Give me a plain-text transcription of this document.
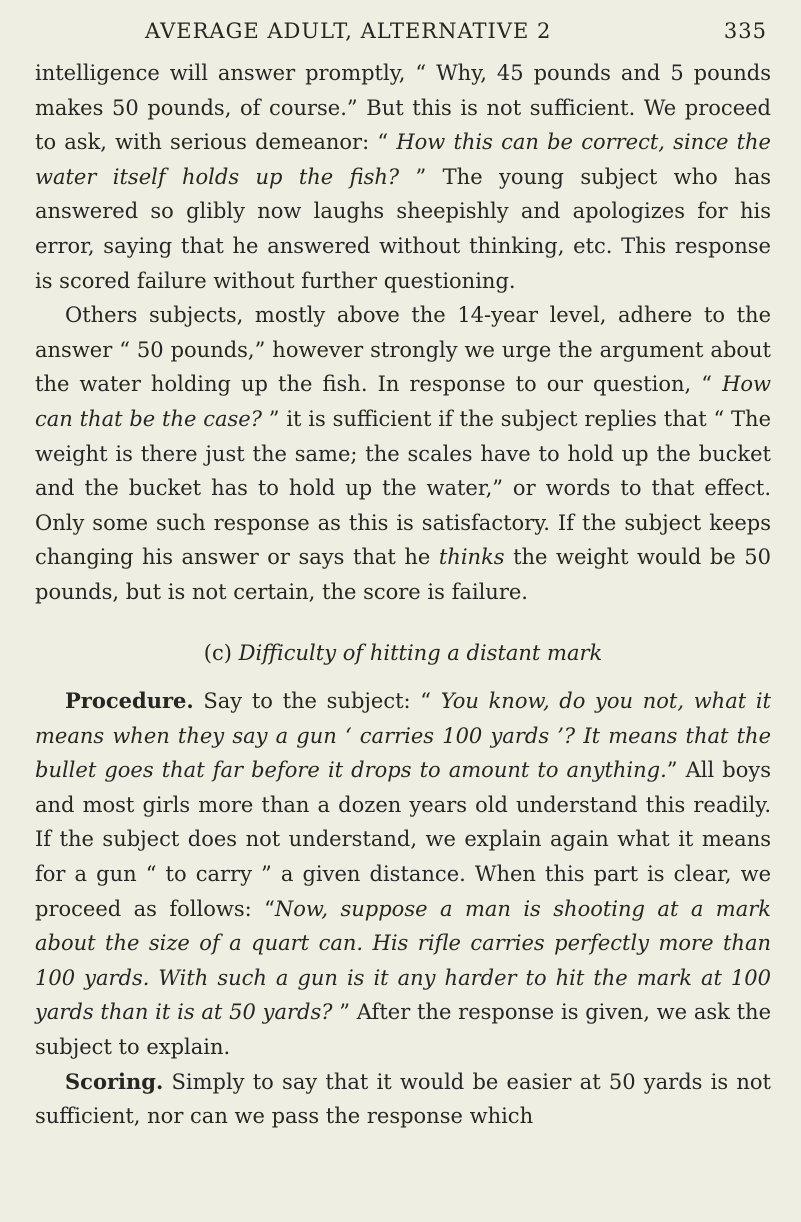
AVERAGE ADULT, ALTERNATIVE 2	335

intelligence will answer promptly, “ Why, 45 pounds and 5 pounds makes 50 pounds, of course.” But this is not sufficient. We proceed to ask, with serious demeanor: “ How this can be correct, since the water itself holds up the fish? ” The young subject who has answered so glibly now laughs sheepishly and apologizes for his error, saying that he answered without thinking, etc. This response is scored failure without further questioning.

Others subjects, mostly above the 14-year level, adhere to the answer “ 50 pounds,” however strongly we urge the argument about the water holding up the fish. In response to our question, “ How can that be the case? ” it is sufficient if the subject replies that “ The weight is there just the same; the scales have to hold up the bucket and the bucket has to hold up the water,” or words to that effect. Only some such response as this is satisfactory. If the subject keeps changing his answer or says that he thinks the weight would be 50 pounds, but is not certain, the score is failure.

(c) Difficulty of hitting a distant mark

Procedure. Say to the subject: “ You know, do you not, what it means when they say a gun ‘ carries 100 yards ’? It means that the bullet goes that far before it drops to amount to anything.” All boys and most girls more than a dozen years old understand this readily. If the subject does not understand, we explain again what it means for a gun “ to carry ” a given distance. When this part is clear, we proceed as follows: “Now, suppose a man is shooting at a mark about the size of a quart can. His rifle carries perfectly more than 100 yards. With such a gun is it any harder to hit the mark at 100 yards than it is at 50 yards? ” After the response is given, we ask the subject to explain.

Scoring. Simply to say that it would be easier at 50 yards is not sufficient, nor can we pass the response which
